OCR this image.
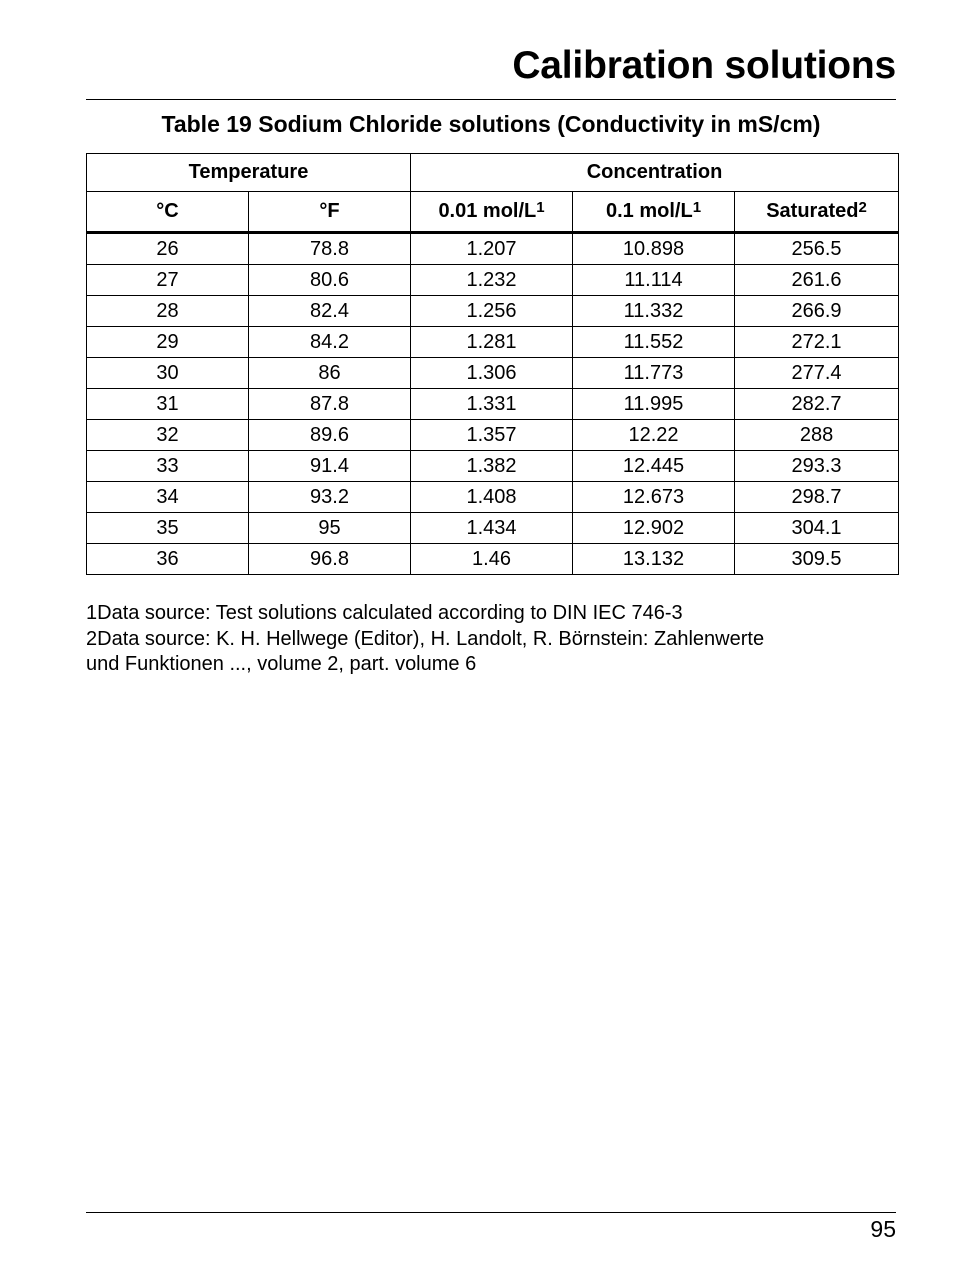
Calibration solutions
Table 19 Sodium Chloride solutions (Conductivity in mS/cm)
Temperature		Concentration		
°C	°F	0.01 mol/$L^1$	0.1 mol/$L^1$	Saturated$^2$
26	78.8	1.207	10.898	256.5
27	80.6	1.232	11.114	261.6
28	82.4	1.256	11.332	266.9
29	84.2	1.281	11.552	272.1
30	86	1.306	11.773	277.4
31	87.8	1.331	11.995	282.7
32	89.6	1.357	12.22	288
33	91.4	1.382	12.445	293.3
34	93.2	1.408	12.673	298.7
35	95	1.434	12.902	304.1
36	96.8	1.46	13.132	309.5
1Data source: Test solutions calculated according to DIN IEC 746-3
2Data source: K. H. Hellwege (Editor), H. Landolt, R. Börnstein: Zahlenwerte
und Funktionen ..., volume 2, part. volume 6
95
